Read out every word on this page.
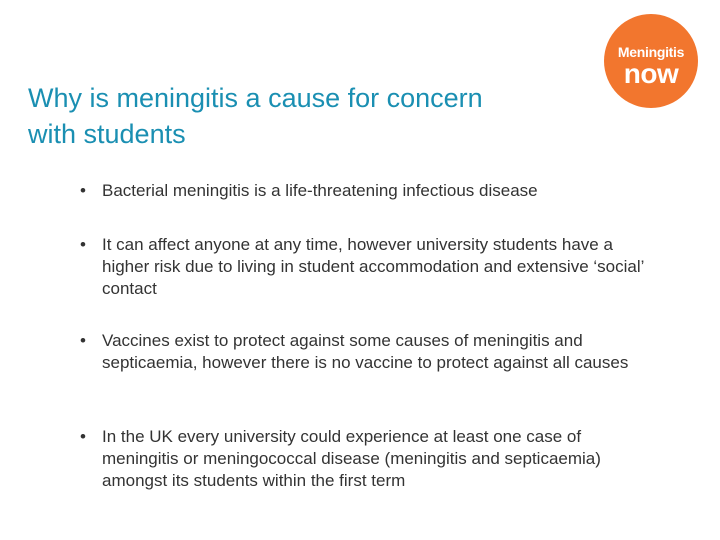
Why is meningitis a cause for concern
with students
Meningitis
now
• Bacterial meningitis is a life-threatening infectious disease
• It can affect anyone at any time, however university students have a higher risk due to living in student accommodation and extensive ‘social’ contact
• Vaccines exist to protect against some causes of meningitis and septicaemia, however there is no vaccine to protect against all causes
• In the UK every university could experience at least one case of meningitis or meningococcal disease (meningitis and septicaemia) amongst its students within the first term
